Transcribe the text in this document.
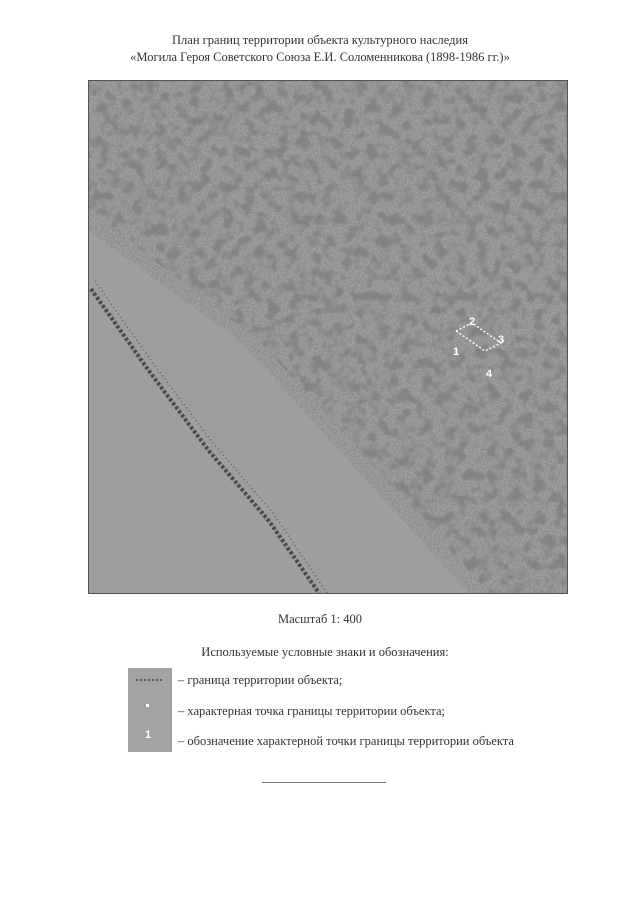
План границ территории объекта культурного наследия
«Могила Героя Советского Союза Е.И. Соломенникова (1898-1986 гг.)»
1
2
3
4
Масштаб 1: 400
Используемые условные знаки и обозначения:
1
– граница территории объекта;
– характерная точка границы территории объекта;
– обозначение характерной точки границы территории объекта
